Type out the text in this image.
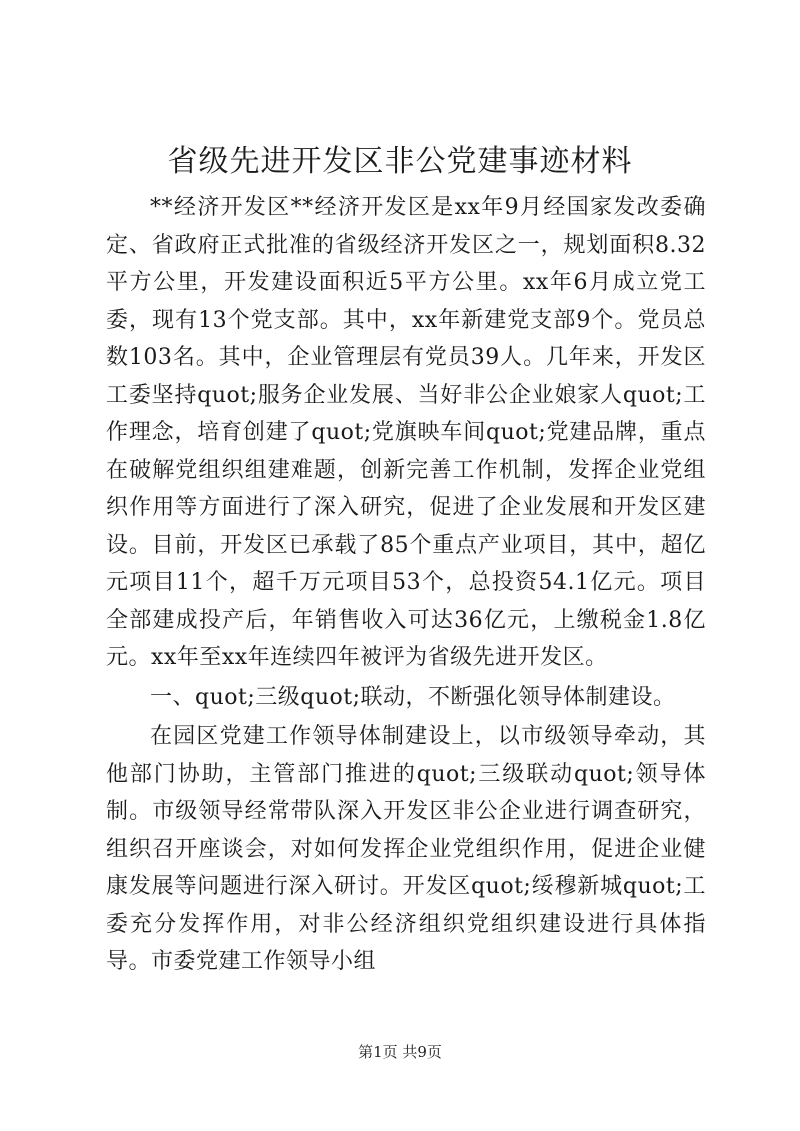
省级先进开发区非公党建事迹材料

**经济开发区**经济开发区是xx年9月经国家发改委确定、省政府正式批准的省级经济开发区之一，规划面积8.32平方公里，开发建设面积近5平方公里。xx年6月成立党工委，现有13个党支部。其中，xx年新建党支部9个。党员总数103名。其中，企业管理层有党员39人。几年来，开发区工委坚持quot;服务企业发展、当好非公企业娘家人quot;工作理念，培育创建了quot;党旗映车间quot;党建品牌，重点在破解党组织组建难题，创新完善工作机制，发挥企业党组织作用等方面进行了深入研究，促进了企业发展和开发区建设。目前，开发区已承载了85个重点产业项目，其中，超亿元项目11个，超千万元项目53个，总投资54.1亿元。项目全部建成投产后，年销售收入可达36亿元，上缴税金1.8亿元。xx年至xx年连续四年被评为省级先进开发区。

一、quot;三级quot;联动，不断强化领导体制建设。

在园区党建工作领导体制建设上，以市级领导牵动，其他部门协助，主管部门推进的quot;三级联动quot;领导体制。市级领导经常带队深入开发区非公企业进行调查研究，组织召开座谈会，对如何发挥企业党组织作用，促进企业健康发展等问题进行深入研讨。开发区quot;绥穆新城quot;工委充分发挥作用，对非公经济组织党组织建设进行具体指导。市委党建工作领导小组

第1页 共9页
